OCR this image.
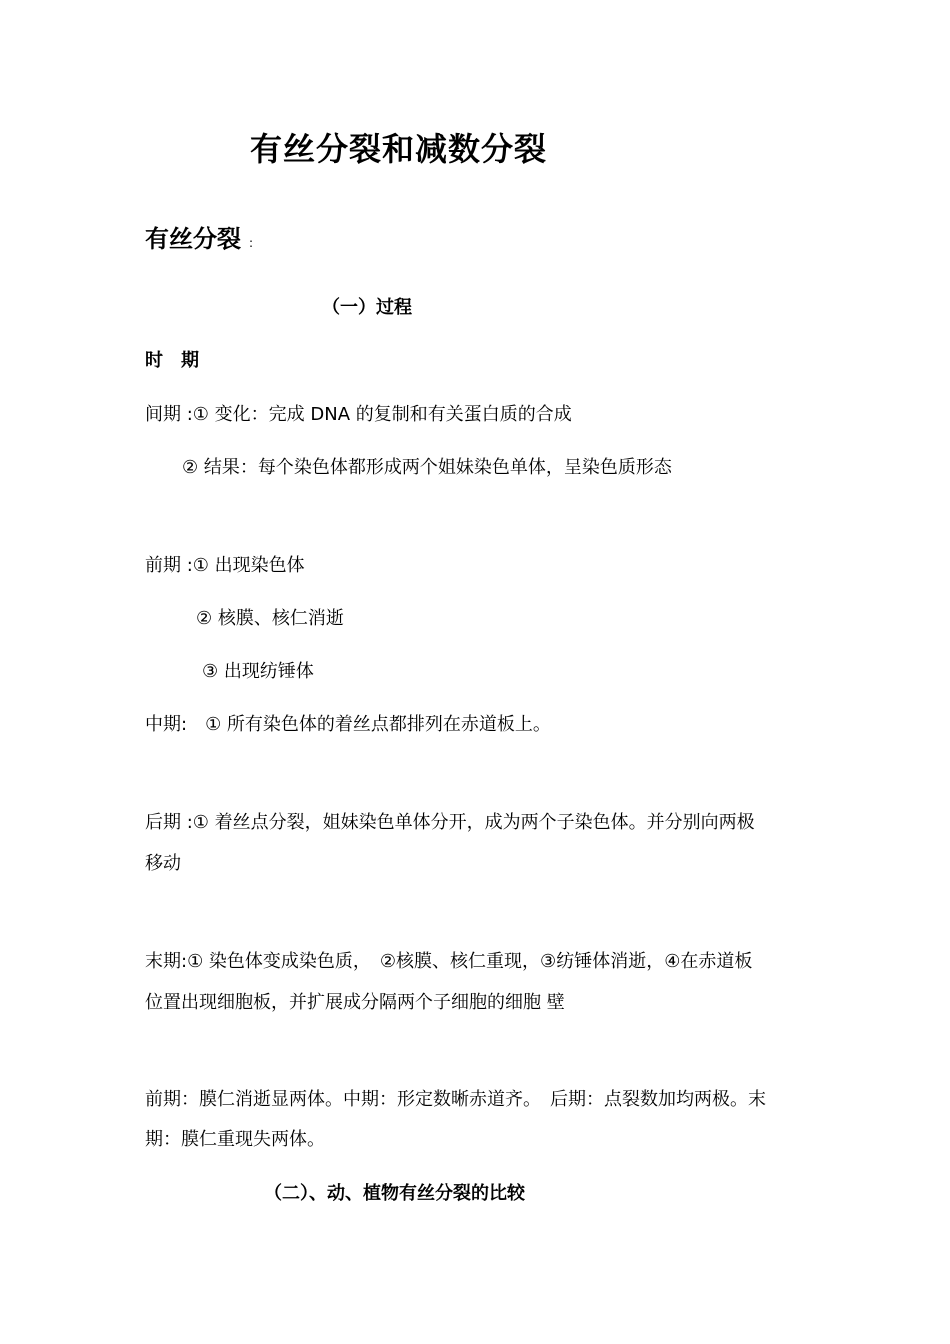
有丝分裂和减数分裂
有丝分裂 :
（一）过程
时　期
间期 :① 变化：完成 DNA 的复制和有关蛋白质的合成
② 结果：每个染色体都形成两个姐妹染色单体，呈染色质形态
前期 :① 出现染色体
② 核膜、核仁消逝
③ 出现纺锤体
中期:　① 所有染色体的着丝点都排列在赤道板上。
后期 :① 着丝点分裂，姐妹染色单体分开，成为两个子染色体。并分别向两极
移动
末期:① 染色体变成染色质，　②核膜、核仁重现，③纺锤体消逝，④在赤道板
位置出现细胞板，并扩展成分隔两个子细胞的细胞 壁
前期：膜仁消逝显两体。中期：形定数晰赤道齐。　后期：点裂数加均两极。末
期：膜仁重现失两体。
（二）、动、植物有丝分裂的比较
